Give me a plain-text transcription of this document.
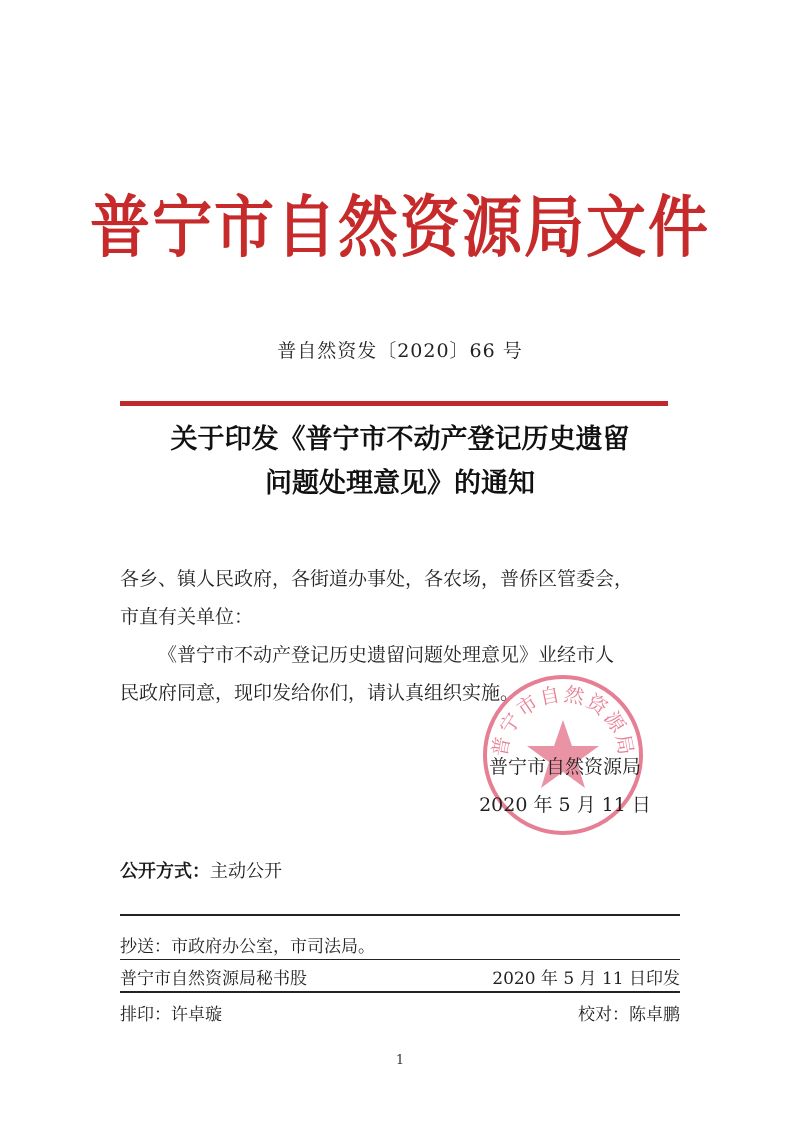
普宁市自然资源局文件
普自然资发〔2020〕66 号
关于印发《普宁市不动产登记历史遗留
问题处理意见》的通知
各乡、镇人民政府，各街道办事处，各农场，普侨区管委会，
市直有关单位：
《普宁市不动产登记历史遗留问题处理意见》业经市人
民政府同意，现印发给你们，请认真组织实施。
普宁市自然资源局
普宁市自然资源局
2020 年 5 月 11 日
公开方式：主动公开
抄送：市政府办公室，市司法局。
普宁市自然资源局秘书股	2020 年 5 月 11 日印发
排印：许卓璇	校对：陈卓鹏
1
